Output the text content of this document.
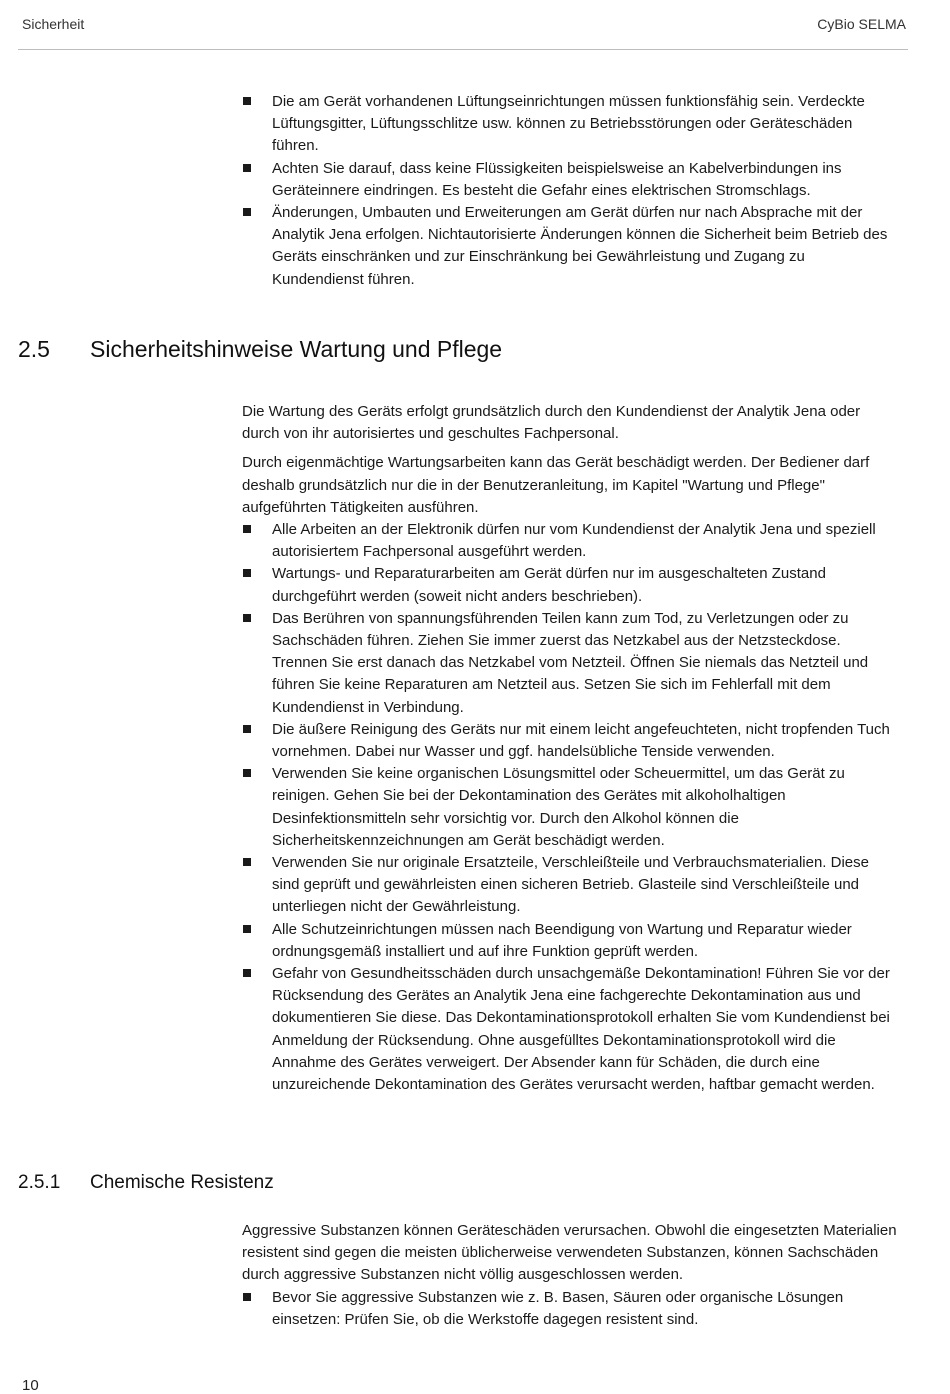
Sicherheit	CyBio SELMA
Die am Gerät vorhandenen Lüftungseinrichtungen müssen funktionsfähig sein. Verdeckte Lüftungsgitter, Lüftungsschlitze usw. können zu Betriebsstörungen oder Geräteschäden führen.
Achten Sie darauf, dass keine Flüssigkeiten beispielsweise an Kabelverbindungen ins Geräteinnere eindringen. Es besteht die Gefahr eines elektrischen Stromschlags.
Änderungen, Umbauten und Erweiterungen am Gerät dürfen nur nach Absprache mit der Analytik Jena erfolgen. Nichtautorisierte Änderungen können die Sicherheit beim Betrieb des Geräts einschränken und zur Einschränkung bei Gewährleistung und Zugang zu Kundendienst führen.
2.5 Sicherheitshinweise Wartung und Pflege

Die Wartung des Geräts erfolgt grundsätzlich durch den Kundendienst der Analytik Jena oder durch von ihr autorisiertes und geschultes Fachpersonal.

Durch eigenmächtige Wartungsarbeiten kann das Gerät beschädigt werden. Der Bediener darf deshalb grundsätzlich nur die in der Benutzeranleitung, im Kapitel "Wartung und Pflege" aufgeführten Tätigkeiten ausführen.

Alle Arbeiten an der Elektronik dürfen nur vom Kundendienst der Analytik Jena und speziell autorisiertem Fachpersonal ausgeführt werden.
Wartungs- und Reparaturarbeiten am Gerät dürfen nur im ausgeschalteten Zustand durchgeführt werden (soweit nicht anders beschrieben).
Das Berühren von spannungsführenden Teilen kann zum Tod, zu Verletzungen oder zu Sachschäden führen. Ziehen Sie immer zuerst das Netzkabel aus der Netzsteckdose. Trennen Sie erst danach das Netzkabel vom Netzteil. Öffnen Sie niemals das Netzteil und führen Sie keine Reparaturen am Netzteil aus. Setzen Sie sich im Fehlerfall mit dem Kundendienst in Verbindung.
Die äußere Reinigung des Geräts nur mit einem leicht angefeuchteten, nicht tropfenden Tuch vornehmen. Dabei nur Wasser und ggf. handelsübliche Tenside verwenden.
Verwenden Sie keine organischen Lösungsmittel oder Scheuermittel, um das Gerät zu reinigen. Gehen Sie bei der Dekontamination des Gerätes mit alkoholhaltigen Desinfektionsmitteln sehr vorsichtig vor. Durch den Alkohol können die Sicherheitskennzeichnungen am Gerät beschädigt werden.
Verwenden Sie nur originale Ersatzteile, Verschleißteile und Verbrauchsmaterialien. Diese sind geprüft und gewährleisten einen sicheren Betrieb. Glasteile sind Verschleißteile und unterliegen nicht der Gewährleistung.
Alle Schutzeinrichtungen müssen nach Beendigung von Wartung und Reparatur wieder ordnungsgemäß installiert und auf ihre Funktion geprüft werden.
Gefahr von Gesundheitsschäden durch unsachgemäße Dekontamination! Führen Sie vor der Rücksendung des Gerätes an Analytik Jena eine fachgerechte Dekontamination aus und dokumentieren Sie diese. Das Dekontaminationsprotokoll erhalten Sie vom Kundendienst bei Anmeldung der Rücksendung. Ohne ausgefülltes Dekontaminationsprotokoll wird die Annahme des Gerätes verweigert. Der Absender kann für Schäden, die durch eine unzureichende Dekontamination des Gerätes verursacht werden, haftbar gemacht werden.
2.5.1 Chemische Resistenz

Aggressive Substanzen können Geräteschäden verursachen. Obwohl die eingesetzten Materialien resistent sind gegen die meisten üblicherweise verwendeten Substanzen, können Sachschäden durch aggressive Substanzen nicht völlig ausgeschlossen werden.

Bevor Sie aggressive Substanzen wie z. B. Basen, Säuren oder organische Lösungen einsetzen: Prüfen Sie, ob die Werkstoffe dagegen resistent sind.
10
